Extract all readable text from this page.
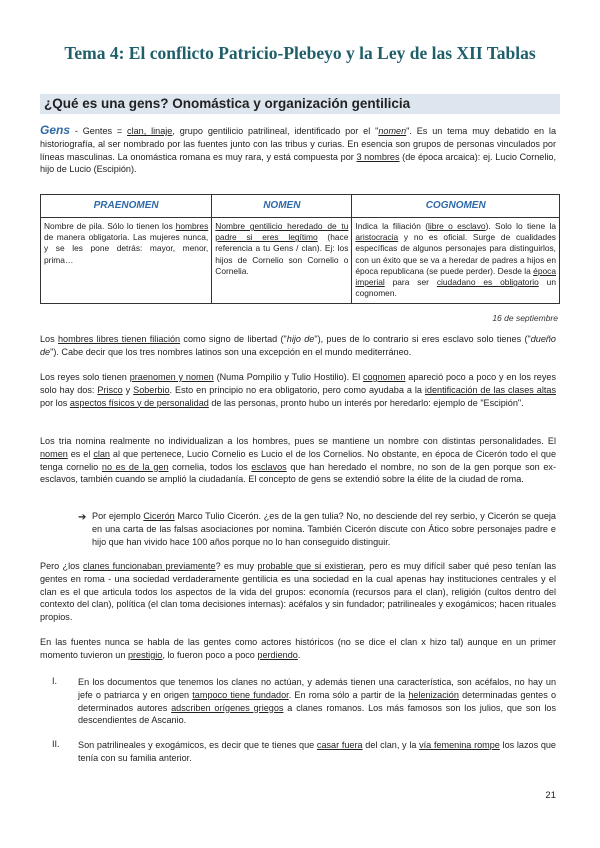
Tema 4: El conflicto Patricio-Plebeyo y la Ley de las XII Tablas
¿Qué es una gens? Onomástica y organización gentilicia

Gens - Gentes = clan, linaje, grupo gentilicio patrilineal, identificado por el "nomen". Es un tema muy debatido en la historiografía, al ser nombrado por las fuentes junto con las tribus y curias. En esencia son grupos de personas vinculados por líneas masculinas. La onomástica romana es muy rara, y está compuesta por 3 nombres (de época arcaica): ej. Lucio Cornelio, hijo de Lucio (Escipión).

PRAENOMEN	NOMEN	COGNOMEN
Nombre de pila. Sólo lo tienen los hombres de manera obligatoria. Las mujeres nunca, y se les pone detrás: mayor, menor, prima…	Nombre gentilicio heredado de tu padre si eres legítimo (hace referencia a tu Gens / clan). Ej: los hijos de Cornelio son Cornelio o Cornelia.	Indica la filiación (libre o esclavo). Solo lo tiene la aristocracia y no es oficial. Surge de cualidades específicas de algunos personajes para distinguirlos, con un éxito que se va a heredar de padres a hijos en época republicana (se puede perder). Desde la época imperial para ser ciudadano es obligatorio un cognomen.
16 de septiembre

Los hombres libres tienen filiación como signo de libertad ("hijo de"), pues de lo contrario si eres esclavo solo tienes ("dueño de"). Cabe decir que los tres nombres latinos son una excepción en el mundo mediterráneo.

Los reyes solo tienen praenomen y nomen (Numa Pompilio y Tulio Hostilio). El cognomen apareció poco a poco y en los reyes solo hay dos: Prisco y Soberbio. Esto en principio no era obligatorio, pero como ayudaba a la identificación de las clases altas por los aspectos físicos y de personalidad de las personas, pronto hubo un interés por heredarlo: ejemplo de "Escipión".

Los tria nomina realmente no individualizan a los hombres, pues se mantiene un nombre con distintas personalidades. El nomen es el clan al que pertenece, Lucio Cornelio es Lucio el de los Cornelios. No obstante, en época de Cicerón todo el que tenga cornelio no es de la gen cornelia, todos los esclavos que han heredado el nombre, no son de la gen porque son ex-esclavos, también cuando se amplió la ciudadanía. El concepto de gens se extendió sobre la élite de la ciudad de roma.

➔ Por ejemplo Cicerón Marco Tulio Cicerón. ¿es de la gen tulia? No, no desciende del rey serbio, y Cicerón se queja en una carta de las falsas asociaciones por nomina. También Cicerón discute con Ático sobre personajes padre e hijo que han vivido hace 100 años porque no lo han conseguido distinguir.

Pero ¿los clanes funcionaban previamente? es muy probable que si existieran, pero es muy difícil saber qué peso tenían las gentes en roma - una sociedad verdaderamente gentilicia es una sociedad en la cual apenas hay instituciones centrales y el clan es el que articula todos los aspectos de la vida del grupos: economía (recursos para el clan), religión (cultos dentro del contexto del clan), política (el clan toma decisiones internas): acéfalos y sin fundador; patrilineales y exogámicos; hacen rituales propios.

En las fuentes nunca se habla de las gentes como actores históricos (no se dice el clan x hizo tal) aunque en un primer momento tuvieron un prestigio, lo fueron poco a poco perdiendo.

I. En los documentos que tenemos los clanes no actúan, y además tienen una característica, son acéfalos, no hay un jefe o patriarca y en origen tampoco tiene fundador. En roma sólo a partir de la helenización determinadas gentes o determinados autores adscriben orígenes griegos a clanes romanos. Los más famosos son los julios, que son los descendientes de Ascanio.
II. Son patrilineales y exogámicos, es decir que te tienes que casar fuera del clan, y la vía femenina rompe los lazos que tenía con su familia anterior.
21
